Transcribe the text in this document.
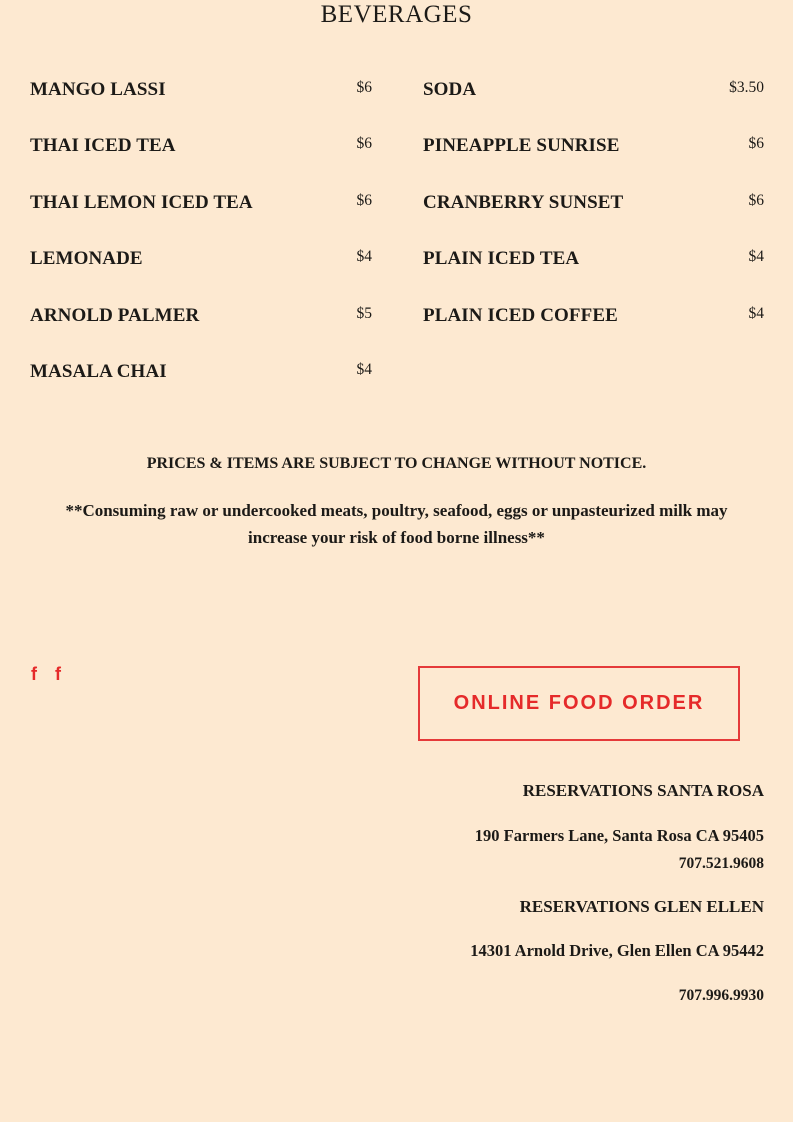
BEVERAGES
MANGO LASSI	$6
THAI ICED TEA	$6
THAI LEMON ICED TEA	$6
LEMONADE	$4
ARNOLD PALMER	$5
MASALA CHAI	$4
SODA	$3.50
PINEAPPLE SUNRISE	$6
CRANBERRY SUNSET	$6
PLAIN ICED TEA	$4
PLAIN ICED COFFEE	$4
PRICES & ITEMS ARE SUBJECT TO CHANGE WITHOUT NOTICE.
**Consuming raw or undercooked meats, poultry, seafood, eggs or unpasteurized milk may increase your risk of food borne illness**
f f
ONLINE FOOD ORDER
RESERVATIONS SANTA ROSA
190 Farmers Lane, Santa Rosa CA 95405
707.521.9608
RESERVATIONS GLEN ELLEN
14301 Arnold Drive, Glen Ellen CA 95442
707.996.9930
